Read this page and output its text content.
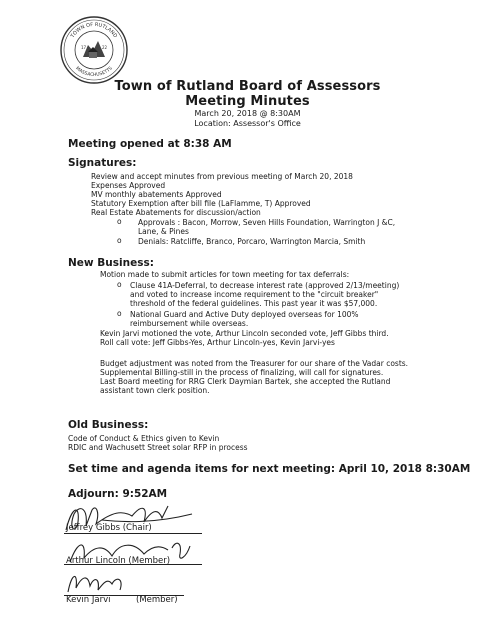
TOWN OF RUTLAND
MASSACHUSETTS
17	22
Town of Rutland Board of Assessors
Meeting Minutes
March 20, 2018 @ 8:30AM
Location: Assessor's Office
Meeting opened at 8:38 AM
Signatures:
Review and accept minutes from previous meeting of March 20, 2018
Expenses Approved
MV monthly abatements Approved
Statutory Exemption after bill file (LaFlamme, T) Approved
Real Estate Abatements for discussion/action
o Approvals : Bacon, Morrow, Seven Hills Foundation, Warrington J &C,
Lane, & Pines
o Denials: Ratcliffe, Branco, Porcaro, Warrington Marcia, Smith
New Business:
Motion made to submit articles for town meeting for tax deferrals:
o Clause 41A-Deferral, to decrease interest rate (approved 2/13/meeting)
and voted to increase income requirement to the "circuit breaker"
threshold of the federal guidelines. This past year it was $57,000.
o National Guard and Active Duty deployed overseas for 100%
reimbursement while overseas.
Kevin Jarvi motioned the vote, Arthur Lincoln seconded vote, Jeff Gibbs third.
Roll call vote: Jeff Gibbs-Yes, Arthur Lincoln-yes, Kevin Jarvi-yes
Budget adjustment was noted from the Treasurer for our share of the Vadar costs.
Supplemental Billing-still in the process of finalizing, will call for signatures.
Last Board meeting for RRG Clerk Daymian Bartek, she accepted the Rutland
assistant town clerk position.
Old Business:
Code of Conduct & Ethics given to Kevin
RDIC and Wachusett Street solar RFP in process
Set time and agenda items for next meeting: April 10, 2018 8:30AM
Adjourn: 9:52AM
Jeffrey Gibbs (Chair)
Arthur Lincoln (Member)
Kevin Jarvi	(Member)
